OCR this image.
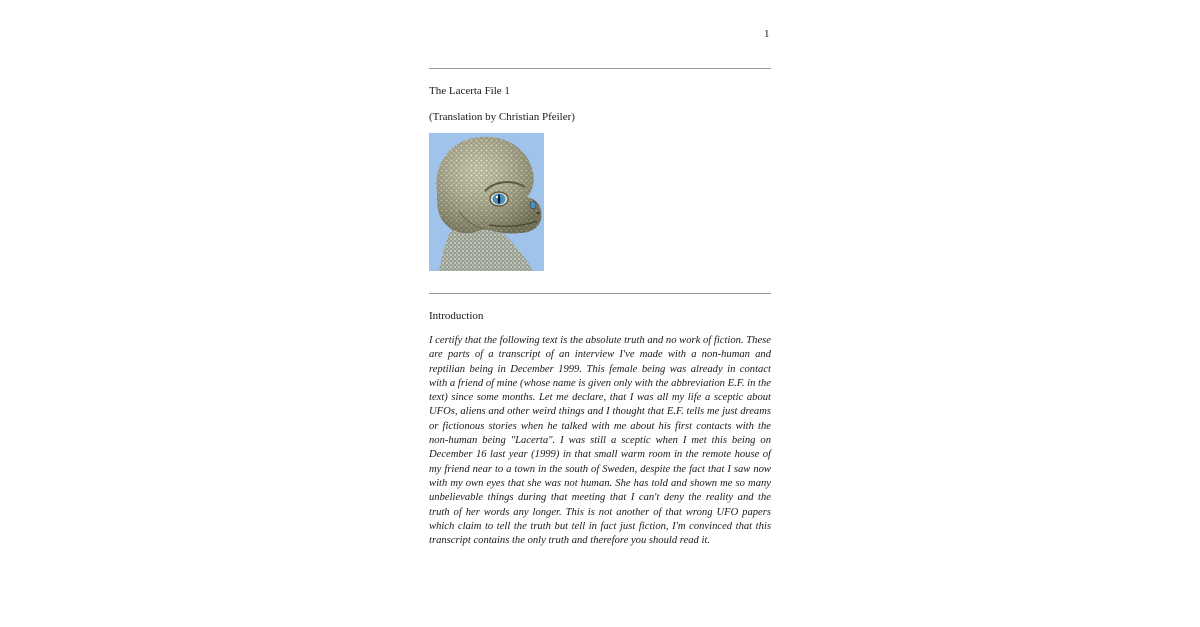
1
The Lacerta File 1
(Translation by Christian Pfeiler)
Introduction

I certify that the following text is the absolute truth and no work of fiction. These are parts of a transcript of an interview I've made with a non-human and reptilian being in December 1999. This female being was already in contact with a friend of mine (whose name is given only with the abbreviation E.F. in the text) since some months. Let me declare, that I was all my life a sceptic about UFOs, aliens and other weird things and I thought that E.F. tells me just dreams or fictionous stories when he talked with me about his first contacts with the non-human being "Lacerta". I was still a sceptic when I met this being on December 16 last year (1999) in that small warm room in the remote house of my friend near to a town in the south of Sweden, despite the fact that I saw now with my own eyes that she was not human. She has told and shown me so many unbelievable things during that meeting that I can't deny the reality and the truth of her words any longer. This is not another of that wrong UFO papers which claim to tell the truth but tell in fact just fiction, I'm convinced that this transcript contains the only truth and therefore you should read it.
